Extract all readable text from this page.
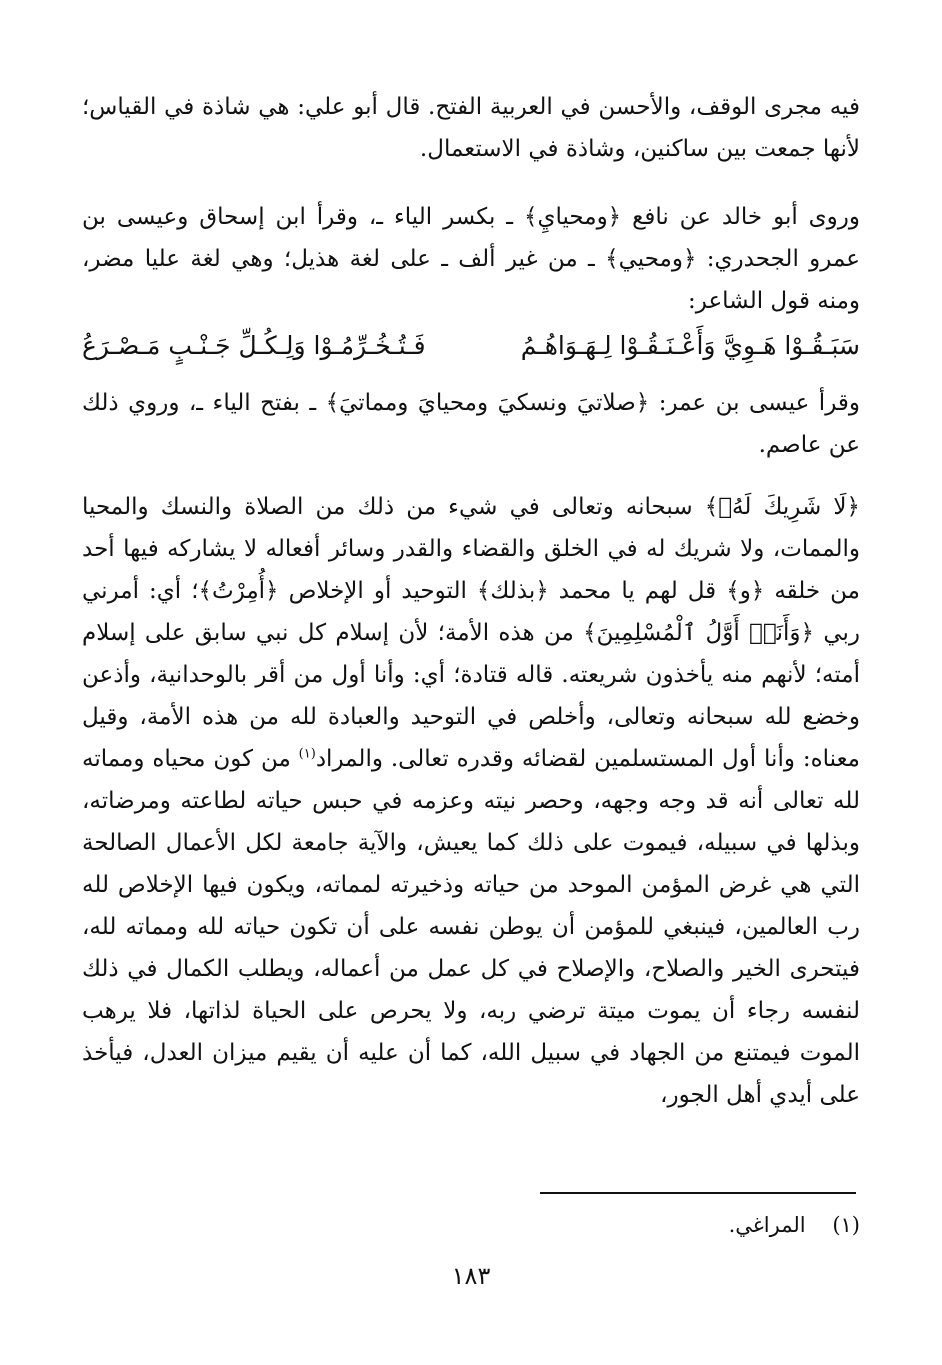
فيه مجرى الوقف، والأحسن في العربية الفتح. قال أبو علي: هي شاذة في القياس؛ لأنها جمعت بين ساكنين، وشاذة في الاستعمال.

وروى أبو خالد عن نافع ﴿ومحيايِ﴾ ـ بكسر الياء ـ، وقرأ ابن إسحاق وعيسى بن عمرو الجحدري: ﴿ومحيي﴾ ـ من غير ألف ـ على لغة هذيل؛ وهي لغة عليا مضر، ومنه قول الشاعر:

سَبَـقُـوْا هَـوِيَّ وَأَعْـنَـقُـوْا لِـهَـوَاهُـمُ
فَـتُـخُـرِّمُـوْا وَلِـكُـلِّ جَـنْـبٍ مَـصْـرَعُ

وقرأ عيسى بن عمر: ﴿صلاتيَ ونسكيَ ومحيايَ ومماتيَ﴾ ـ بفتح الياء ـ، وروي ذلك عن عاصم.

﴿لَا شَرِيكَ لَهُۥ﴾ سبحانه وتعالى في شيء من ذلك من الصلاة والنسك والمحيا والممات، ولا شريك له في الخلق والقضاء والقدر وسائر أفعاله لا يشاركه فيها أحد من خلقه ﴿و﴾ قل لهم يا محمد ﴿بذلك﴾ التوحيد أو الإخلاص ﴿أُمِرْتُ﴾؛ أي: أمرني ربي ﴿وَأَنَا۠ أَوَّلُ ٱلْمُسْلِمِينَ﴾ من هذه الأمة؛ لأن إسلام كل نبي سابق على إسلام أمته؛ لأنهم منه يأخذون شريعته. قاله قتادة؛ أي: وأنا أول من أقر بالوحدانية، وأذعن وخضع لله سبحانه وتعالى، وأخلص في التوحيد والعبادة لله من هذه الأمة، وقيل معناه: وأنا أول المستسلمين لقضائه وقدره تعالى. والمراد$^{(١)}$ من كون محياه ومماته لله تعالى أنه قد وجه وجهه، وحصر نيته وعزمه في حبس حياته لطاعته ومرضاته، وبذلها في سبيله، فيموت على ذلك كما يعيش، والآية جامعة لكل الأعمال الصالحة التي هي غرض المؤمن الموحد من حياته وذخيرته لمماته، ويكون فيها الإخلاص لله رب العالمين، فينبغي للمؤمن أن يوطن نفسه على أن تكون حياته لله ومماته لله، فيتحرى الخير والصلاح، والإصلاح في كل عمل من أعماله، ويطلب الكمال في ذلك لنفسه رجاء أن يموت ميتة ترضي ربه، ولا يحرص على الحياة لذاتها، فلا يرهب الموت فيمتنع من الجهاد في سبيل الله، كما أن عليه أن يقيم ميزان العدل، فيأخذ على أيدي أهل الجور،

(١)    المراغي.
١٨٣
